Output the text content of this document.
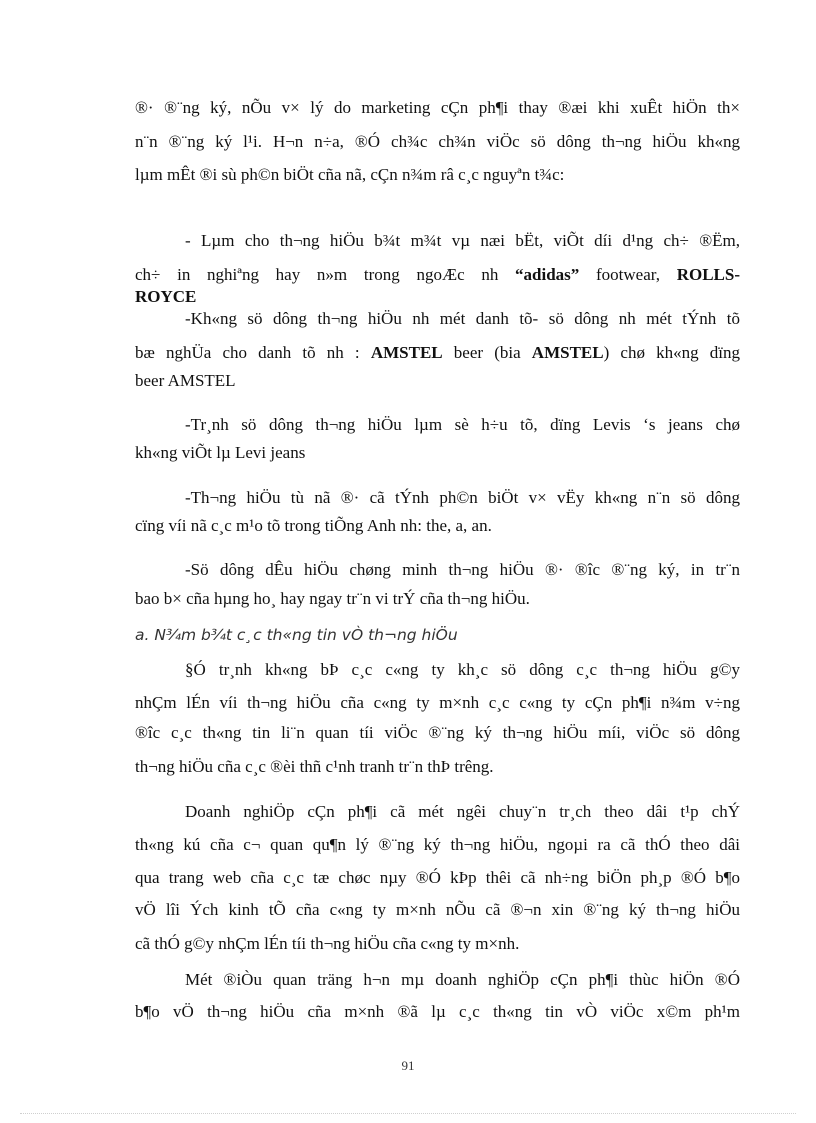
®· ®¨ng ký, nÕu v× lý do marketing cÇn ph¶i thay ®æi khi xuÊt hiÖn th×
n¨n ®¨ng ký l¹i. H¬n n÷a, ®Ó ch¾c ch¾n viÖc sö dông th¬ng hiÖu kh«ng
lµm mÊt ®i sù ph©n biÖt cña nã, cÇn n¾m râ c¸c nguyªn t¾c:
- Lµm cho th¬ng hiÖu b¾t m¾t vµ næi bËt, viÕt díi d¹ng ch÷ ®Ëm,
ch÷ in nghiªng hay n»m trong ngoÆc nh “adidas” footwear, ROLLS-
ROYCE
-Kh«ng sö dông th¬ng hiÖu nh mét danh tõ- sö dông nh mét tÝnh tõ
bæ nghÜa cho danh tõ nh : AMSTEL beer (bia AMSTEL) chø kh«ng dïng
beer AMSTEL
-Tr¸nh sö dông th¬ng hiÖu lµm sè h÷u tõ, dïng Levis ‘s jeans chø
kh«ng viÕt lµ Levi jeans
-Th¬ng hiÖu tù nã ®· cã tÝnh ph©n biÖt v× vËy kh«ng n¨n sö dông
cïng víi nã c¸c m¹o tõ trong tiÕng Anh nh: the, a, an.
-Sö dông dÊu hiÖu chøng minh th¬ng hiÖu ®· ®îc ®¨ng ký, in tr¨n
bao b× cña hµng ho¸ hay ngay tr¨n vi trÝ cña th¬ng hiÖu.
§Ó tr¸nh kh«ng bÞ c¸c c«ng ty kh¸c sö dông c¸c th¬ng hiÖu g©y
nhÇm lÉn víi th¬ng hiÖu cña c«ng ty m×nh c¸c c«ng ty cÇn ph¶i n¾m v÷ng
®îc c¸c th«ng tin li¨n quan tíi viÖc ®¨ng ký th¬ng hiÖu míi, viÖc sö dông
th¬ng hiÖu cña c¸c ®èi thñ c¹nh tranh tr¨n thÞ trêng.
Doanh nghiÖp cÇn ph¶i cã mét ngêi chuy¨n tr¸ch theo dâi t¹p chÝ
th«ng kú cña c¬ quan qu¶n lý ®¨ng ký th¬ng hiÖu, ngoµi ra cã thÓ theo dâi
qua trang web cña c¸c tæ chøc nµy ®Ó kÞp thêi cã nh÷ng biÖn ph¸p ®Ó b¶o
vÖ lîi Ých kinh tÕ cña c«ng ty m×nh nÕu cã ®¬n xin ®¨ng ký th¬ng hiÖu
cã thÓ g©y nhÇm lÉn tíi th¬ng hiÖu cña c«ng ty m×nh.
Mét ®iÒu quan träng h¬n mµ doanh nghiÖp cÇn ph¶i thùc hiÖn ®Ó
b¶o vÖ th¬ng hiÖu cña m×nh ®ã lµ c¸c th«ng tin vÒ viÖc x©m ph¹m
a. N¾m b¾t c¸c th«ng tin vÒ th¬ng hiÖu
91
